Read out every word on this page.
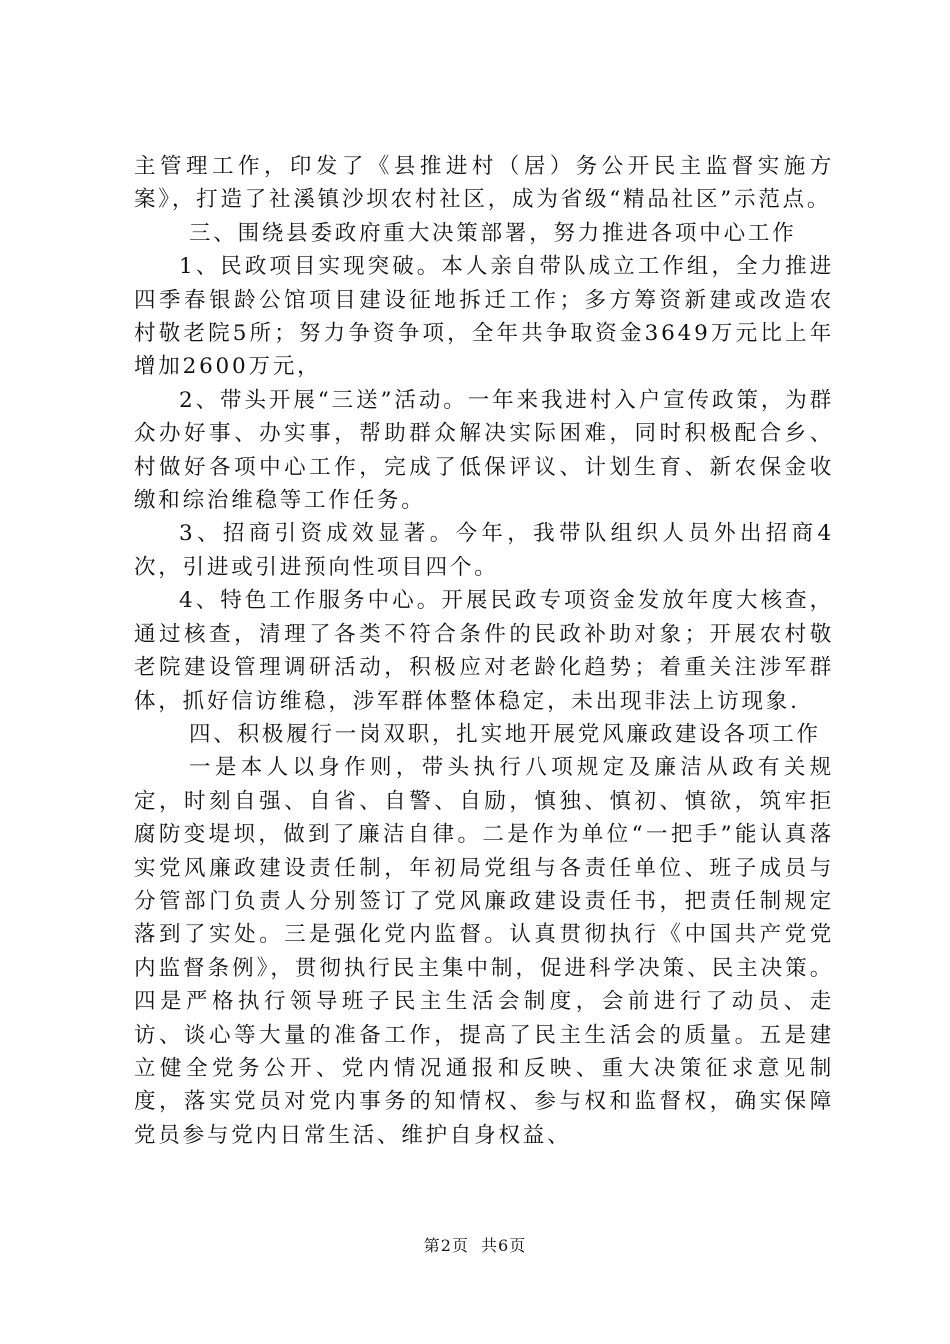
主管理工作，印发了《县推进村（居）务公开民主监督实施方案》，打造了社溪镇沙坝农村社区，成为省级“精品社区”示范点。

三、围绕县委政府重大决策部署，努力推进各项中心工作

1、民政项目实现突破。本人亲自带队成立工作组，全力推进四季春银龄公馆项目建设征地拆迁工作；多方筹资新建或改造农村敬老院5所；努力争资争项，全年共争取资金3649万元比上年增加2600万元，

2、带头开展“三送”活动。一年来我进村入户宣传政策，为群众办好事、办实事，帮助群众解决实际困难，同时积极配合乡、村做好各项中心工作，完成了低保评议、计划生育、新农保金收缴和综治维稳等工作任务。

3、招商引资成效显著。今年，我带队组织人员外出招商4次，引进或引进预向性项目四个。

4、特色工作服务中心。开展民政专项资金发放年度大核查，通过核查，清理了各类不符合条件的民政补助对象；开展农村敬老院建设管理调研活动，积极应对老龄化趋势；着重关注涉军群体，抓好信访维稳，涉军群体整体稳定，未出现非法上访现象.

四、积极履行一岗双职，扎实地开展党风廉政建设各项工作

一是本人以身作则，带头执行八项规定及廉洁从政有关规定，时刻自强、自省、自警、自励，慎独、慎初、慎欲，筑牢拒腐防变堤坝，做到了廉洁自律。二是作为单位“一把手”能认真落实党风廉政建设责任制，年初局党组与各责任单位、班子成员与分管部门负责人分别签订了党风廉政建设责任书，把责任制规定落到了实处。三是强化党内监督。认真贯彻执行《中国共产党党内监督条例》，贯彻执行民主集中制，促进科学决策、民主决策。四是严格执行领导班子民主生活会制度，会前进行了动员、走访、谈心等大量的准备工作，提高了民主生活会的质量。五是建立健全党务公开、党内情况通报和反映、重大决策征求意见制度，落实党员对党内事务的知情权、参与权和监督权，确实保障党员参与党内日常生活、维护自身权益、

第2页 共6页
